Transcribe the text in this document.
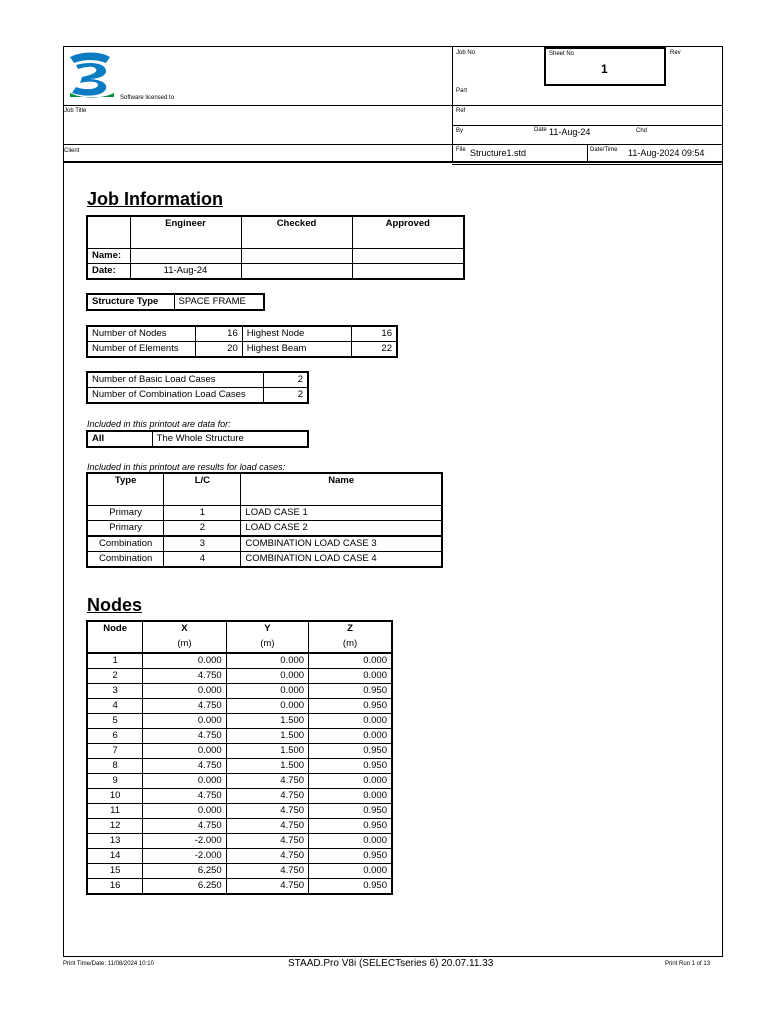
Software licensed to
Job Title
Client
Job No	Sheet No
1
Rev
Part
Ref
By	Date 11-Aug-24	Chd
File Structure1.std	Date/Time 11-Aug-2024 09:54
Job Information
	Engineer	Checked	Approved
Name:			
Date:	11-Aug-24		
Structure Type	SPACE FRAME
Number of Nodes	16	Highest Node	16
Number of Elements	20	Highest Beam	22
Number of Basic Load Cases	2
Number of Combination Load Cases	2
Included in this printout are data for:
All	The Whole Structure
Included in this printout are results for load cases:
Type	L/C	Name
Primary	1	LOAD CASE 1
Primary	2	LOAD CASE 2
Combination	3	COMBINATION LOAD CASE 3
Combination	4	COMBINATION LOAD CASE 4
Nodes
Node	X	Y	Z
	(m)	(m)	(m)
1	0.000	0.000	0.000
2	4.750	0.000	0.000
3	0.000	0.000	0.950
4	4.750	0.000	0.950
5	0.000	1.500	0.000
6	4.750	1.500	0.000
7	0.000	1.500	0.950
8	4.750	1.500	0.950
9	0.000	4.750	0.000
10	4.750	4.750	0.000
11	0.000	4.750	0.950
12	4.750	4.750	0.950
13	-2.000	4.750	0.000
14	-2.000	4.750	0.950
15	6.250	4.750	0.000
16	6.250	4.750	0.950
Print Time/Date: 11/08/2024 10:10	STAAD.Pro V8i (SELECTseries 6) 20.07.11.33	Print Run 1 of 13
